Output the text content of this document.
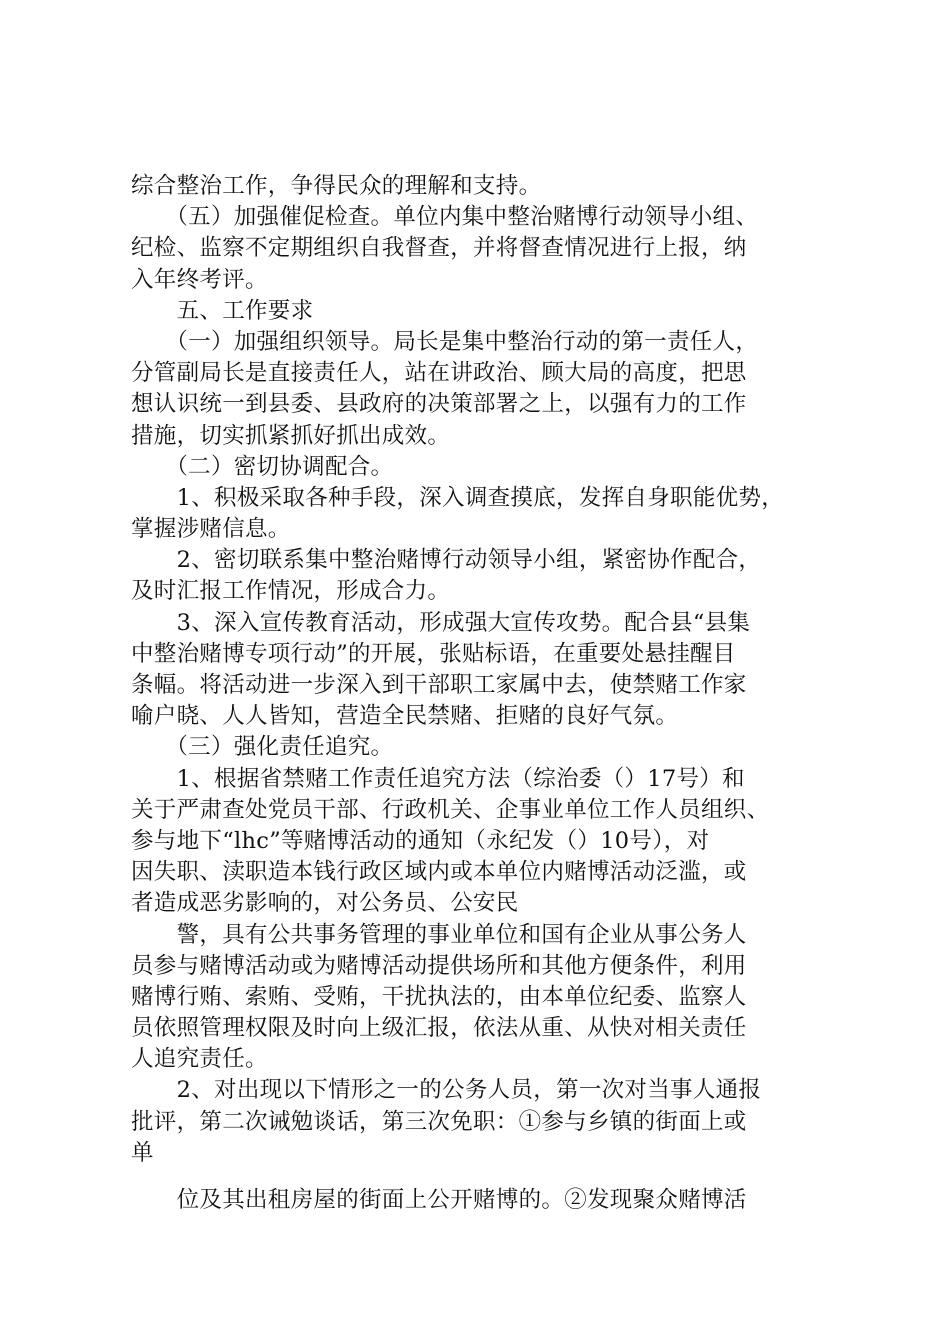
综合整治工作，争得民众的理解和支持。
　　（五）加强催促检查。单位内集中整治赌博行动领导小组、
纪检、监察不定期组织自我督查，并将督查情况进行上报，纳
入年终考评。
　　五、工作要求
　　（一）加强组织领导。局长是集中整治行动的第一责任人，
分管副局长是直接责任人，站在讲政治、顾大局的高度，把思
想认识统一到县委、县政府的决策部署之上，以强有力的工作
措施，切实抓紧抓好抓出成效。
　　（二）密切协调配合。
　　1、积极采取各种手段，深入调查摸底，发挥自身职能优势，
掌握涉赌信息。
　　2、密切联系集中整治赌博行动领导小组，紧密协作配合，
及时汇报工作情况，形成合力。
　　3、深入宣传教育活动，形成强大宣传攻势。配合县“县集
中整治赌博专项行动”的开展，张贴标语，在重要处悬挂醒目
条幅。将活动进一步深入到干部职工家属中去，使禁赌工作家
喻户晓、人人皆知，营造全民禁赌、拒赌的良好气氛。
　　（三）强化责任追究。
　　1、根据省禁赌工作责任追究方法（综治委（）17号）和
关于严肃查处党员干部、行政机关、企事业单位工作人员组织、
参与地下“lhc”等赌博活动的通知（永纪发（）10号），对
因失职、渎职造本钱行政区域内或本单位内赌博活动泛滥，或
者造成恶劣影响的，对公务员、公安民
　　警，具有公共事务管理的事业单位和国有企业从事公务人
员参与赌博活动或为赌博活动提供场所和其他方便条件，利用
赌博行贿、索贿、受贿，干扰执法的，由本单位纪委、监察人
员依照管理权限及时向上级汇报，依法从重、从快对相关责任
人追究责任。
　　2、对出现以下情形之一的公务人员，第一次对当事人通报
批评，第二次诫勉谈话，第三次免职：①参与乡镇的街面上或
单
　　位及其出租房屋的街面上公开赌博的。②发现聚众赌博活
